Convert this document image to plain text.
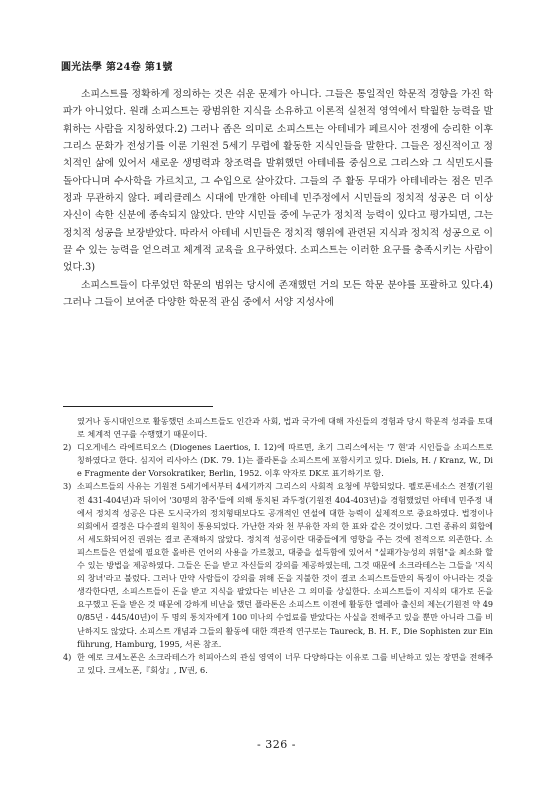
圓光法學 第24卷 第1號

소피스트를 정확하게 정의하는 것은 쉬운 문제가 아니다. 그들은 통일적인 학문적 경향을 가진 학파가 아니었다. 원래 소피스트는 광범위한 지식을 소유하고 이론적 실천적 영역에서 탁월한 능력을 발휘하는 사람을 지칭하였다.2) 그러나 좁은 의미로 소피스트는 아테네가 페르시아 전쟁에 승리한 이후 그리스 문화가 전성기를 이룬 기원전 5세기 무렵에 활동한 지식인들을 말한다. 그들은 정신적이고 정치적인 삶에 있어서 새로운 생명력과 창조력을 발휘했던 아테네를 중심으로 그리스와 그 식민도시를 돌아다니며 수사학을 가르치고, 그 수입으로 살아갔다. 그들의 주 활동 무대가 아테네라는 점은 민주정과 무관하지 않다. 페리클레스 시대에 만개한 아테네 민주정에서 시민들의 정치적 성공은 더 이상 자신이 속한 신분에 종속되지 않았다. 만약 시민들 중에 누군가 정치적 능력이 있다고 평가되면, 그는 정치적 성공을 보장받았다. 따라서 아테네 시민들은 정치적 행위에 관련된 지식과 정치적 성공으로 이끌 수 있는 능력을 얻으려고 체계적 교육을 요구하였다. 소피스트는 이러한 요구를 충족시키는 사람이었다.3)

소피스트들이 다루었던 학문의 범위는 당시에 존재했던 거의 모든 학문 분야를 포괄하고 있다.4) 그러나 그들이 보여준 다양한 학문적 관심 중에서 서양 지성사에

였거나 동시대인으로 활동했던 소피스트들도 인간과 사회, 법과 국가에 대해 자신들의 경험과 당시 학문적 성과를 토대로 체계적 연구를 수행했기 때문이다.
2) 디오게네스 라에르티오스 (Diogenes Laertios, I. 12)에 따르면, 초기 그리스에서는 '7 현'과 시인들을 소피스트로 칭하였다고 한다. 심지어 리사아스 (DK. 79. 1)는 플라톤을 소피스트에 포함시키고 있다. Diels, H. / Kranz, W., Die Fragmente der Vorsokratiker, Berlin, 1952. 이후 약자로 DK로 표기하기로 함.
3) 소피스트들의 사유는 기원전 5세기에서부터 4세기까지 그리스의 사회적 요청에 부합되었다. 펠로폰네소스 전쟁(기원전 431-404년)과 뒤이어 '30명의 참주'들에 의해 통치된 과두정(기원전 404-403년)을 경험했었던 아테네 민주정 내에서 정치적 성공은 다른 도시국가의 정치형태보다도 공개적인 연설에 대한 능력이 실제적으로 중요하였다. 법정이나 의회에서 결정은 다수결의 원칙이 통용되었다. 가난한 자와 천 부유한 자의 한 표와 같은 것이었다. 그런 종류의 회합에서 세도화되어진 권위는 결코 존재하지 않았다. 정치적 성공이란 대중들에게 영향을 주는 것에 전적으로 의존한다. 소피스트들은 연설에 필요한 올바른 언어의 사용을 가르쳤고, 대중을 설득함에 있어서 "실패가능성의 위험"을 최소화 할 수 있는 방법을 제공하였다. 그들은 돈을 받고 자신들의 강의를 제공하였는데, 그것 때문에 소크라테스는 그들을 '지식의 창녀'라고 불렀다. 그러나 만약 사람들이 강의를 위해 돈을 지불한 것이 결코 소피스트들만의 특징이 아니라는 것을 생각한다면, 소피스트들이 돈을 받고 지식을 팔았다는 비난은 그 의미를 상실한다. 소피스트들이 지식의 대가로 돈을 요구했고 돈을 받은 것 때문에 강하게 비난을 했던 플라톤은 소피스트 이전에 활동한 엘레아 출신의 제논(기원전 약 490/85년 - 445/40년)이 두 명의 통치자에게 100 미나의 수업료를 받았다는 사실을 전해주고 있을 뿐만 아니라 그를 비난하지도 않았다. 소피스트 개념과 그들의 활동에 대한 객관적 연구로는 Taureck, B. H. F., Die Sophisten zur Einführung, Hamburg, 1995, 서론 참조.
4) 한 예로 크세노폰은 소크라테스가 히피아스의 관심 영역이 너무 다양하다는 이유로 그를 비난하고 있는 장면을 전해주고 있다. 크세노폰,『회상』, Ⅳ권, 6.
- 326 -
